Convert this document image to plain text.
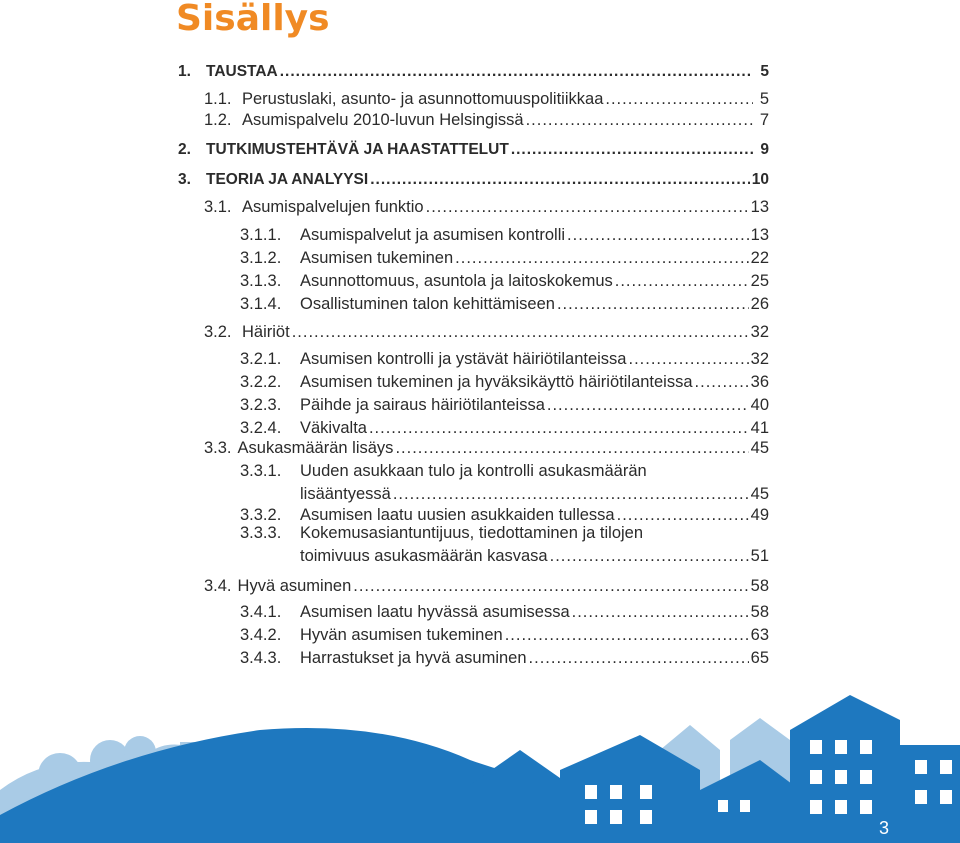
Sisällys
1. TAUSTAA .....	5
1.1. Perustuslaki, asunto- ja asunnottomuuspolitiikkaa .....	5
1.2. Asumispalvelu 2010-luvun Helsingissä .....	7
2. TUTKIMUSTEHTÄVÄ JA HAASTATTELUT .....	9
3. TEORIA JA ANALYYSI .....	10
3.1. Asumispalvelujen funktio .....	13
3.1.1.	Asumispalvelut ja asumisen kontrolli .....	13
3.1.2.	Asumisen tukeminen .....	22
3.1.3.	Asunnottomuus, asuntola ja laitoskokemus .....	25
3.1.4.	Osallistuminen talon kehittämiseen .....	26
3.2. Häiriöt .....	32
3.2.1.	Asumisen kontrolli ja ystävät häiriötilanteissa .....	32
3.2.2.	Asumisen tukeminen ja hyväksikäyttö häiriötilanteissa .....	36
3.2.3.	Päihde ja sairaus häiriötilanteissa .....	40
3.2.4.	Väkivalta .....	41
3.3. Asukasmäärän lisäys .....	45
3.3.1.	Uuden asukkaan tulo ja kontrolli asukasmäärän
lisääntyessä .....	45
3.3.2.	Asumisen laatu uusien asukkaiden tullessa .....	49
3.3.3.	Kokemusasiantuntijuus, tiedottaminen ja tilojen
toimivuus asukasmäärän kasvasa .....	51
3.4. Hyvä asuminen .....	58
3.4.1.	Asumisen laatu hyvässä asumisessa .....	58
3.4.2.	Hyvän asumisen tukeminen .....	63
3.4.3.	Harrastukset ja hyvä asuminen .....	65
3
